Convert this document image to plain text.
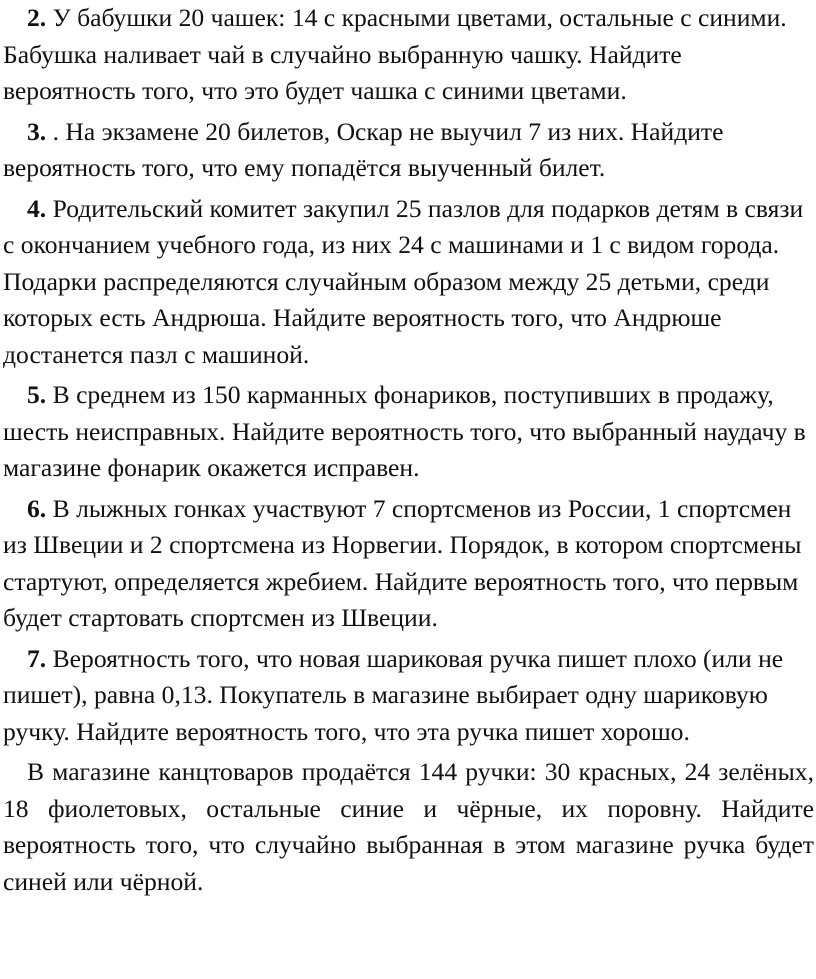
2. У бабушки 20 чашек: 14 с красными цветами, остальные с синими. Бабушка наливает чай в случайно выбранную чашку. Найдите вероятность того, что это будет чашка с синими цветами.

3. . На экзамене 20 билетов, Оскар не выучил 7 из них. Найдите вероятность того, что ему попадётся выученный билет.

4. Родительский комитет закупил 25 пазлов для подарков детям в связи с окончанием учебного года, из них 24 с машинами и 1 с видом города. Подарки распределяются случайным образом между 25 детьми, среди которых есть Андрюша. Найдите вероятность того, что Андрюше достанется пазл с машиной.

5. В среднем из 150 карманных фонариков, поступивших в продажу, шесть неисправных. Найдите вероятность того, что выбранный наудачу в магазине фонарик окажется исправен.

6. В лыжных гонках участвуют 7 спортсменов из России, 1 спортсмен из Швеции и 2 спортсмена из Норвегии. Порядок, в котором спортсмены стартуют, определяется жребием. Найдите вероятность того, что первым будет стартовать спортсмен из Швеции.

7. Вероятность того, что новая шариковая ручка пишет плохо (или не пишет), равна 0,13. Покупатель в магазине выбирает одну шариковую ручку. Найдите вероятность того, что эта ручка пишет хорошо.

В магазине канцтоваров продаётся 144 ручки: 30 красных, 24 зелёных, 18 фиолетовых, остальные синие и чёрные, их поровну. Найдите вероятность того, что случайно выбранная в этом магазине ручка будет синей или чёрной.
